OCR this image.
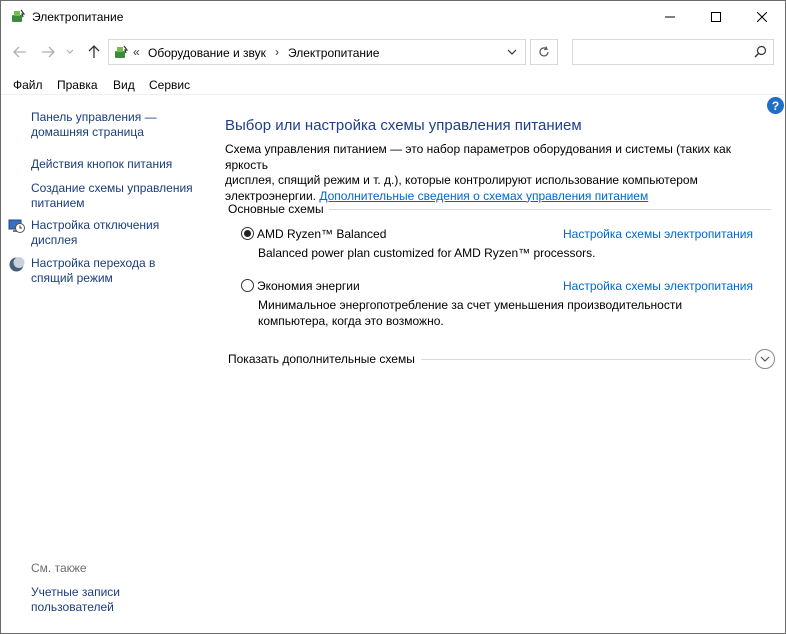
Электропитание
« Оборудование и звук › Электропитание
Файл Правка Вид Сервис
Панель управления —
домашняя страница
Действия кнопок питания
Создание схемы управления
питанием
Настройка отключения
дисплея
Настройка перехода в
спящий режим
См. также
Учетные записи
пользователей
?
Выбор или настройка схемы управления питанием
Схема управления питанием — это набор параметров оборудования и системы (таких как яркость
дисплея, спящий режим и т. д.), которые контролируют использование компьютером
электроэнергии. Дополнительные сведения о схемах управления питанием
Основные схемы
AMD Ryzen™ Balanced	Настройка схемы электропитания
Balanced power plan customized for AMD Ryzen™ processors.
Экономия энергии	Настройка схемы электропитания
Минимальное энергопотребление за счет уменьшения производительности
компьютера, когда это возможно.
Показать дополнительные схемы
